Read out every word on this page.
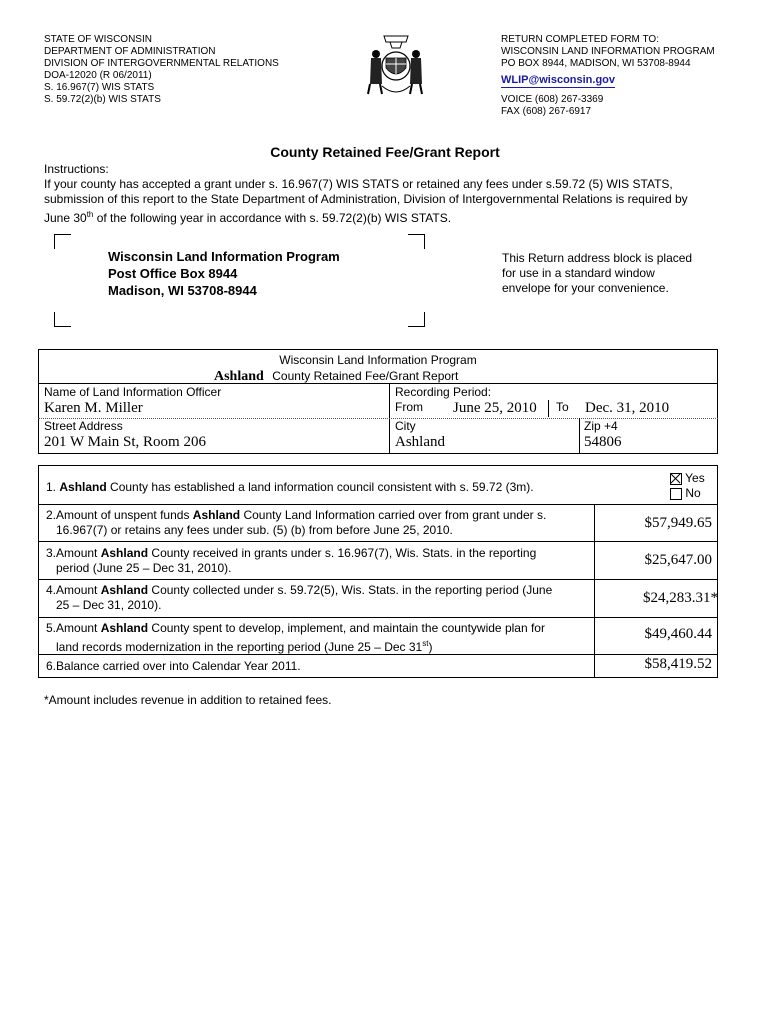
STATE OF WISCONSIN
DEPARTMENT OF ADMINISTRATION
DIVISION OF INTERGOVERNMENTAL RELATIONS
DOA-12020 (R 06/2011)
S. 16.967(7) WIS STATS
S. 59.72(2)(b) WIS STATS
RETURN COMPLETED FORM TO:
WISCONSIN LAND INFORMATION PROGRAM
PO BOX 8944, MADISON, WI 53708-8944
WLIP@wisconsin.gov
VOICE (608) 267-3369
FAX (608) 267-6917
County Retained Fee/Grant Report
Instructions:
If your county has accepted a grant under s. 16.967(7) WIS STATS or retained any fees under s.59.72 (5) WIS STATS,
submission of this report to the State Department of Administration, Division of Intergovernmental Relations is required by
June 30th of the following year in accordance with s. 59.72(2)(b) WIS STATS.
Wisconsin Land Information Program
Post Office Box 8944
Madison, WI 53708-8944
This Return address block is placed
for use in a standard window
envelope for your convenience.
Wisconsin Land Information Program
Ashland County Retained Fee/Grant Report
Name of Land Information Officer
Karen M. Miller
Recording Period:
From June 25, 2010 To Dec. 31, 2010
Street Address
201 W Main St, Room 206
City
Ashland
Zip +4
54806
1. Ashland County has established a land information council consistent with s. 59.72 (3m).
Yes
No
2.Amount of unspent funds Ashland County Land Information carried over from grant under s.
16.967(7) or retains any fees under sub. (5) (b) from before June 25, 2010.	$57,949.65
3.Amount Ashland County received in grants under s. 16.967(7), Wis. Stats. in the reporting
period (June 25 – Dec 31, 2010).	$25,647.00
4.Amount Ashland County collected under s. 59.72(5), Wis. Stats. in the reporting period (June
25 – Dec 31, 2010).	$24,283.31*
5.Amount Ashland County spent to develop, implement, and maintain the countywide plan for
land records modernization in the reporting period (June 25 – Dec 31st)
$49,460.44
6.Balance carried over into Calendar Year 2011.	$58,419.52
*Amount includes revenue in addition to retained fees.
